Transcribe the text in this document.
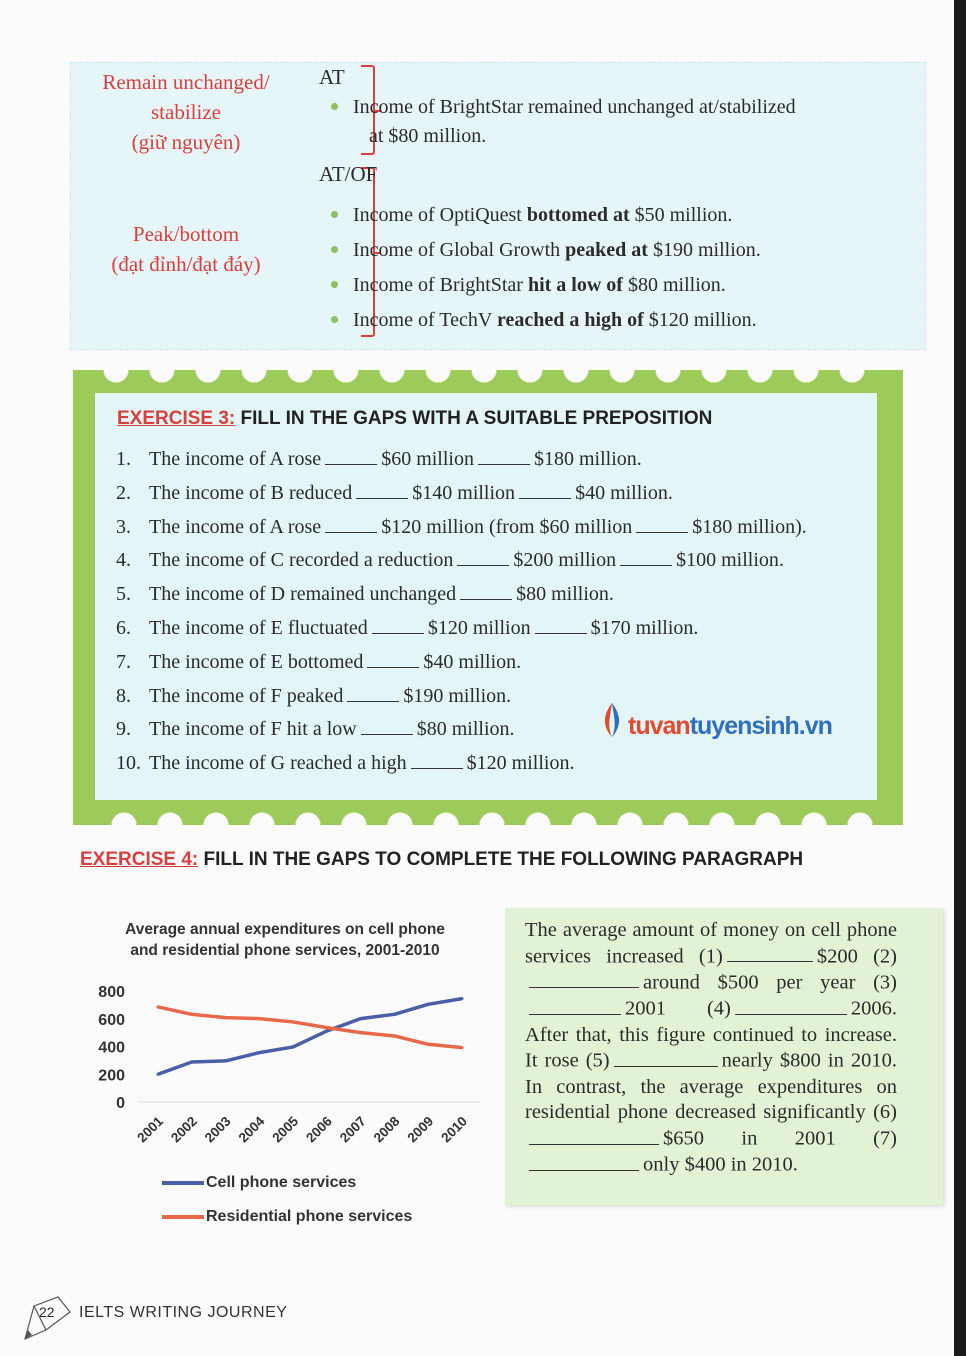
Remain unchanged/
stabilize
(giữ nguyên)
AT
Income of BrightStar remained unchanged at/stabilized
at $80 million.
Peak/bottom
(đạt đỉnh/đạt đáy)
AT/OF
Income of OptiQuest bottomed at $50 million.
Income of Global Growth peaked at $190 million.
Income of BrightStar hit a low of $80 million.
Income of TechV reached a high of $120 million.
EXERCISE 3: FILL IN THE GAPS WITH A SUITABLE PREPOSITION
tuvantuyensinh.vn
1. The income of A rose	$60 million	$180 million.
2. The income of B reduced	$140 million	$40 million.
3. The income of A rose	$120 million (from $60 million	$180 million).
4. The income of C recorded a reduction	$200 million	$100 million.
5. The income of D remained unchanged	$80 million.
6. The income of E fluctuated	$120 million	$170 million.
7. The income of E bottomed	$40 million.
8. The income of F peaked	$190 million.
9. The income of F hit a low	$80 million.
10. The income of G reached a high	$120 million.
EXERCISE 4: FILL IN THE GAPS TO COMPLETE THE FOLLOWING PARAGRAPH
Average annual expenditures on cell phone
and residential phone services, 2001-2010
800
600
400
200
0
2001 2002 2003 2004 2005 2006 2007 2008 2009 2010
Cell phone services
Residential phone services
The average amount of money on cell phone services increased (1)	$200 (2)around $500 per year (3)2001 (4)	2006. After that, this figure continued to increase. It rose (5)	nearly $800 in 2010. In contrast, the average expenditures on residential phone decreased significantly (6)$650 in 2001 (7)only $400 in 2010.
22 IELTS WRITING JOURNEY
